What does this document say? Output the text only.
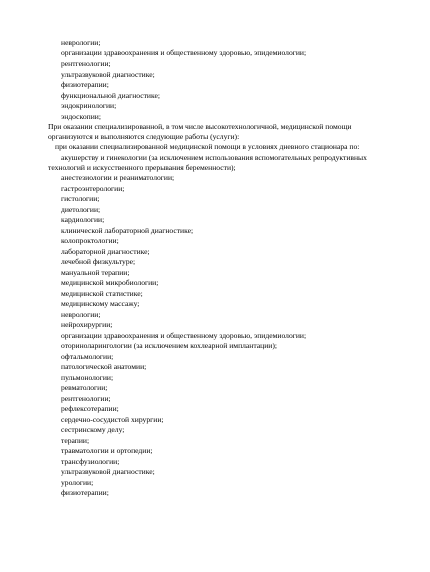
неврологии;
организации здравоохранения и общественному здоровью, эпидемиологии;
рентгенологии;
ультразвуковой диагностике;
физиотерапии;
функциональной диагностике;
эндокринологии;
эндоскопии;
При оказании специализированной, в том числе высокотехнологичной, медицинской помощи
организуются и выполняются следующие работы (услуги):
при оказании специализированной медицинской помощи в условиях дневного стационара по:
акушерству и гинекологии (за исключением использования вспомогательных репродуктивных
технологий и искусственного прерывания беременности);
анестезиологии и реаниматологии;
гастроэнтерологии;
гистологии;
диетологии;
кардиологии;
клинической лабораторной диагностике;
колопроктологии;
лабораторной диагностике;
лечебной физкультуре;
мануальной терапии;
медицинской микробиологии;
медицинской статистике;
медицинскому массажу;
неврологии;
нейрохирургии;
организации здравоохранения и общественному здоровью, эпидемиологии;
оториноларингологии (за исключением кохлеарной имплантации);
офтальмологии;
патологической анатомии;
пульмонологии;
ревматологии;
рентгенологии;
рефлексотерапии;
сердечно-сосудистой хирургии;
сестринскому делу;
терапии;
травматологии и ортопедии;
трансфузиологии;
ультразвуковой диагностике;
урологии;
физиотерапии;
